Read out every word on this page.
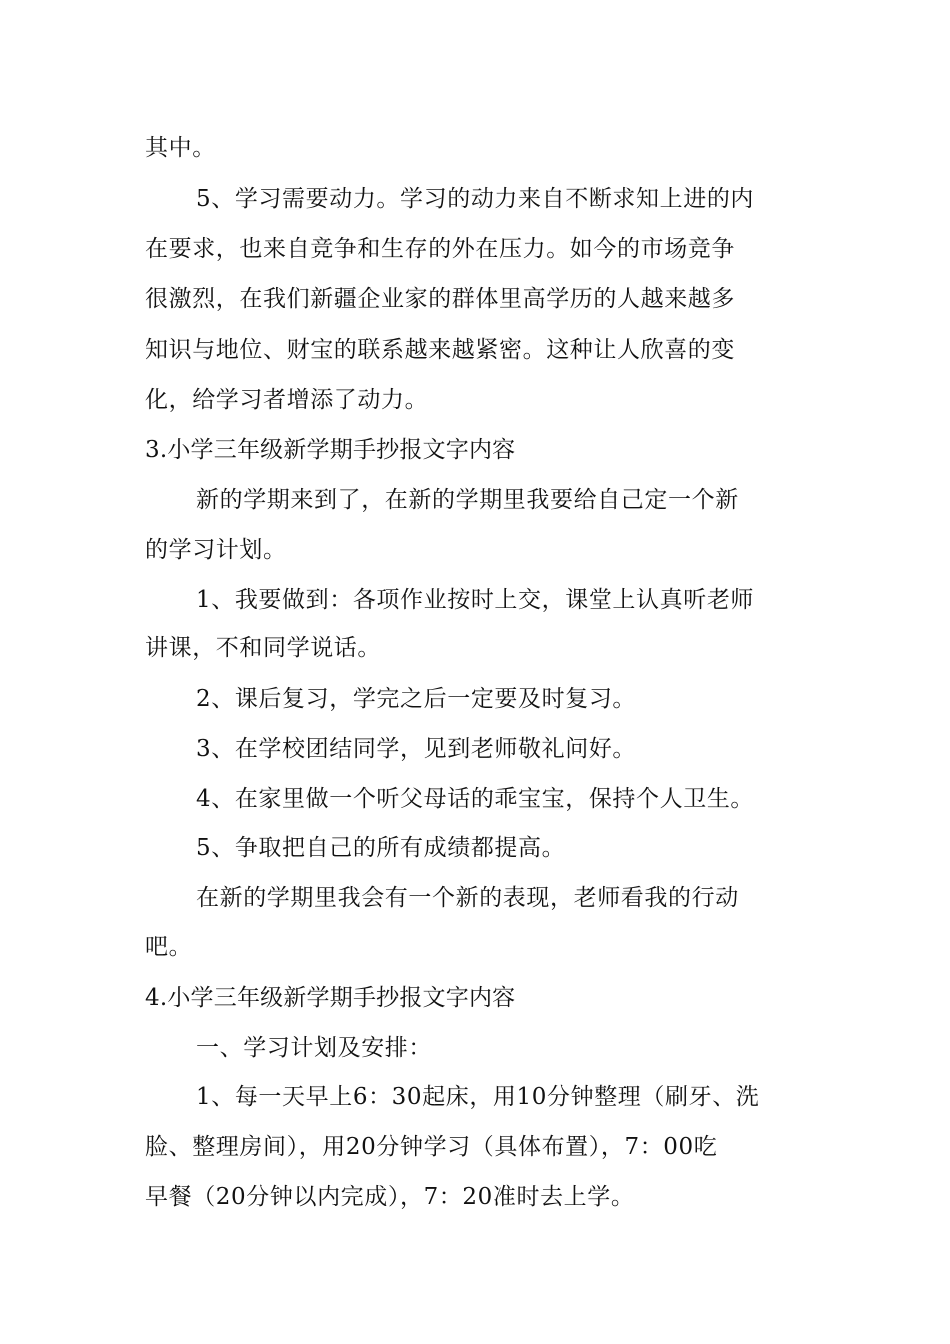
其中。
5、学习需要动力。学习的动力来自不断求知上进的内
在要求，也来自竞争和生存的外在压力。如今的市场竞争
很激烈，在我们新疆企业家的群体里高学历的人越来越多
知识与地位、财宝的联系越来越紧密。这种让人欣喜的变
化，给学习者增添了动力。
3.小学三年级新学期手抄报文字内容
新的学期来到了，在新的学期里我要给自己定一个新
的学习计划。
1、我要做到：各项作业按时上交，课堂上认真听老师
讲课，不和同学说话。
2、课后复习，学完之后一定要及时复习。
3、在学校团结同学，见到老师敬礼问好。
4、在家里做一个听父母话的乖宝宝，保持个人卫生。
5、争取把自己的所有成绩都提高。
在新的学期里我会有一个新的表现，老师看我的行动
吧。
4.小学三年级新学期手抄报文字内容
一、学习计划及安排：
1、每一天早上6：30起床，用10分钟整理（刷牙、洗
脸、整理房间），用20分钟学习（具体布置），7：00吃
早餐（20分钟以内完成），7：20准时去上学。
